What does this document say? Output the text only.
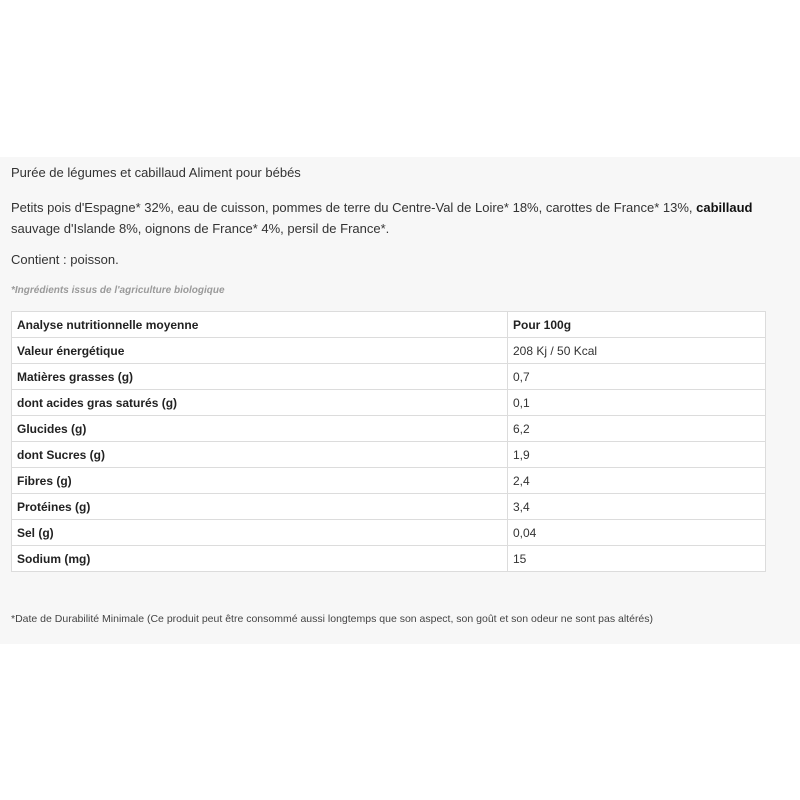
Purée de légumes et cabillaud Aliment pour bébés
Petits pois d'Espagne* 32%, eau de cuisson, pommes de terre du Centre-Val de Loire* 18%, carottes de France* 13%, cabillaud sauvage d'Islande 8%, oignons de France* 4%, persil de France*.
Contient : poisson.
*Ingrédients issus de l'agriculture biologique
Analyse nutritionnelle moyenne	Pour 100g
Valeur énergétique	208 Kj / 50 Kcal
Matières grasses (g)	0,7
dont acides gras saturés (g)	0,1
Glucides (g)	6,2
dont Sucres (g)	1,9
Fibres (g)	2,4
Protéines (g)	3,4
Sel (g)	0,04
Sodium (mg)	15
*Date de Durabilité Minimale (Ce produit peut être consommé aussi longtemps que son aspect, son goût et son odeur ne sont pas altérés)
